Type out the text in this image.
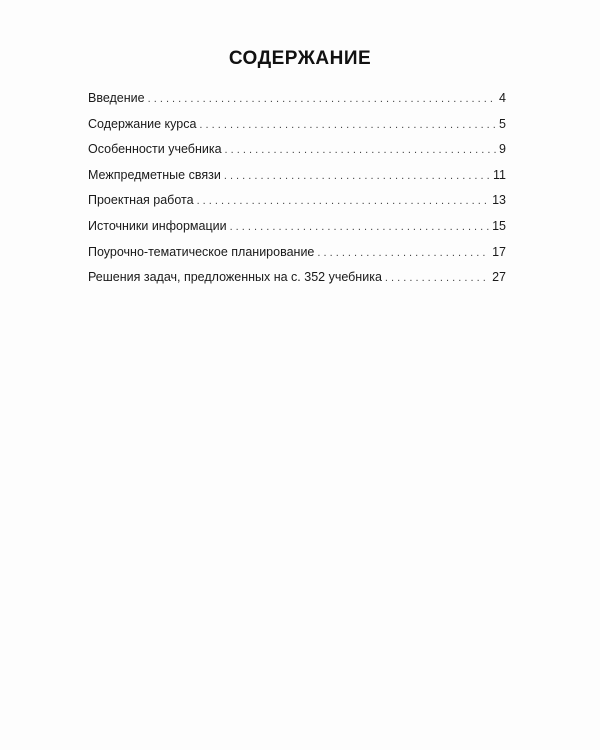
СОДЕРЖАНИЕ
Введение . . .	4
Содержание курса . . .	5
Особенности учебника . . .	9
Межпредметные связи . . .	11
Проектная работа . . .	13
Источники информации . . .	15
Поурочно-тематическое планирование . . .	17
Решения задач, предложенных на с. 352 учебника . . .	27
